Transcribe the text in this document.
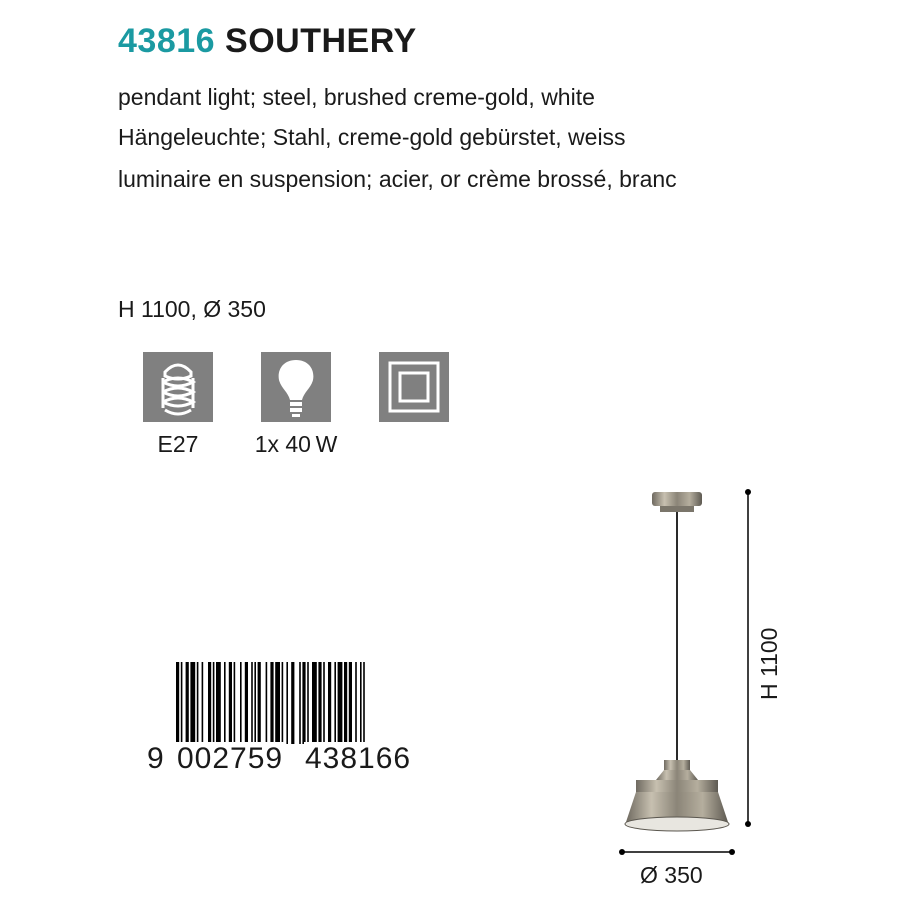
43816 SOUTHERY
pendant light; steel, brushed creme-gold, white
Hängeleuchte; Stahl, creme-gold gebürstet, weiss
luminaire en suspension; acier, or crème brossé, branc
H 1100, Ø 350
E27	1x 40 W
9 002759 438166
H 1100
Ø 350
